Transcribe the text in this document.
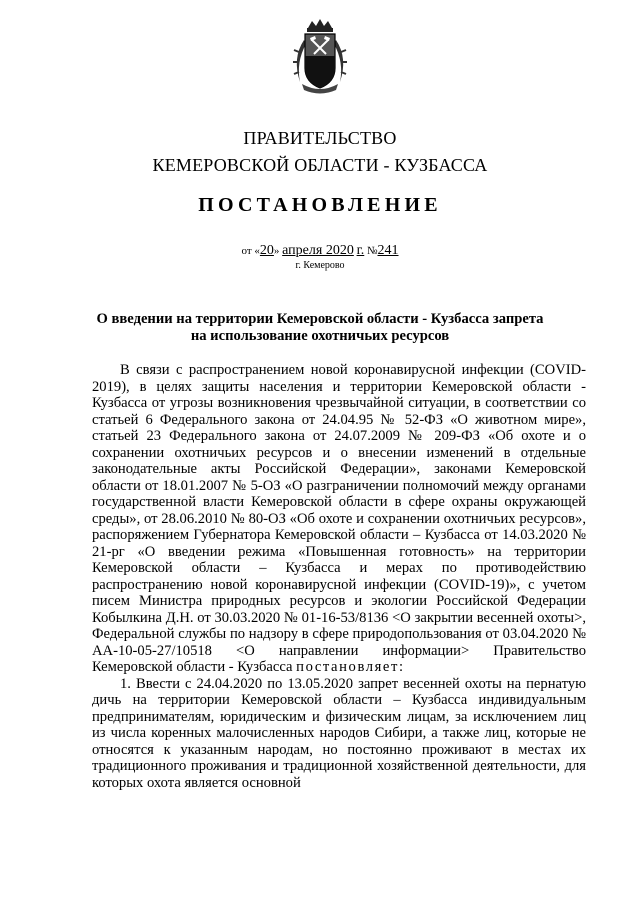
ПРАВИТЕЛЬСТВО
КЕМЕРОВСКОЙ ОБЛАСТИ - КУЗБАССА
ПОСТАНОВЛЕНИЕ
от «20» апреля 2020 г. №241
г. Кемерово
О введении на территории Кемеровской области - Кузбасса запрета на использование охотничьих ресурсов

В связи с распространением новой коронавирусной инфекции (COVID-2019), в целях защиты населения и территории Кемеровской области - Кузбасса от угрозы возникновения чрезвычайной ситуации, в соответствии со статьей 6 Федерального закона от 24.04.95 № 52-ФЗ «О животном мире», статьей 23 Федерального закона от 24.07.2009 № 209-ФЗ «Об охоте и о сохранении охотничьих ресурсов и о внесении изменений в отдельные законодательные акты Российской Федерации», законами Кемеровской области от 18.01.2007 № 5-ОЗ «О разграничении полномочий между органами государственной власти Кемеровской области в сфере охраны окружающей среды», от 28.06.2010 № 80-ОЗ «Об охоте и сохранении охотничьих ресурсов», распоряжением Губернатора Кемеровской области – Кузбасса от 14.03.2020 № 21-рг «О введении режима «Повышенная готовность» на территории Кемеровской области – Кузбасса и мерах по противодействию распространению новой коронавирусной инфекции (COVID-19)», с учетом писем Министра природных ресурсов и экологии Российской Федерации Кобылкина Д.Н. от 30.03.2020 № 01-16-53/8136 <О закрытии весенней охоты>, Федеральной службы по надзору в сфере природопользования от 03.04.2020 № АА-10-05-27/10518 <О направлении информации> Правительство Кемеровской области - Кузбасса постановляет:

1. Ввести с 24.04.2020 по 13.05.2020 запрет весенней охоты на пернатую дичь на территории Кемеровской области – Кузбасса индивидуальным предпринимателям, юридическим и физическим лицам, за исключением лиц из числа коренных малочисленных народов Сибири, а также лиц, которые не относятся к указанным народам, но постоянно проживают в местах их традиционного проживания и традиционной хозяйственной деятельности, для которых охота является основной
